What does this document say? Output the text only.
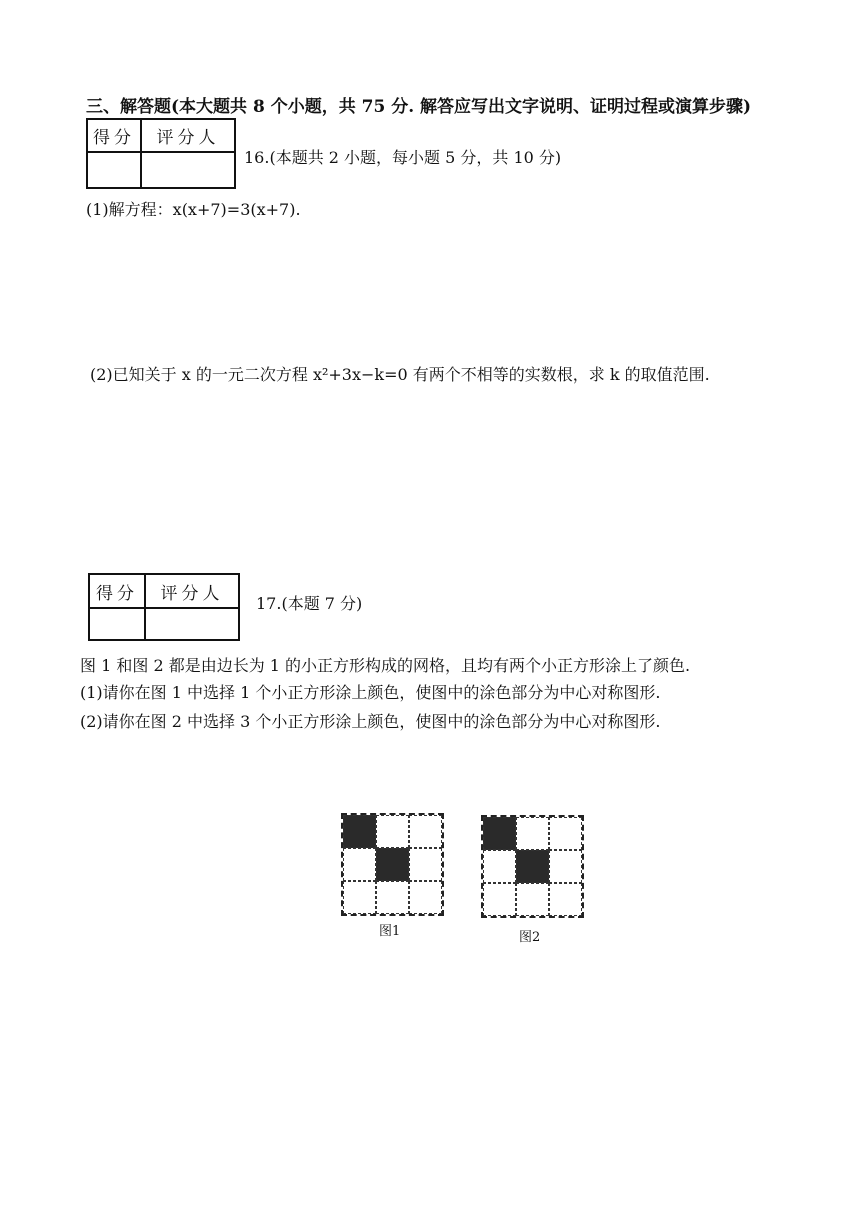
三、解答题(本大题共 8 个小题，共 75 分. 解答应写出文字说明、证明过程或演算步骤)
得分	评分人

16.(本题共 2 小题，每小题 5 分，共 10 分)
(1)解方程：x(x+7)=3(x+7).
(2)已知关于 x 的一元二次方程 x²+3x−k=0 有两个不相等的实数根，求 k 的取值范围.
得分	评分人
	17.(本题 7 分)
图 1 和图 2 都是由边长为 1 的小正方形构成的网格，且均有两个小正方形涂上了颜色.
(1)请你在图 1 中选择 1 个小正方形涂上颜色，使图中的涂色部分为中心对称图形.
(2)请你在图 2 中选择 3 个小正方形涂上颜色，使图中的涂色部分为中心对称图形.
图1	图2
